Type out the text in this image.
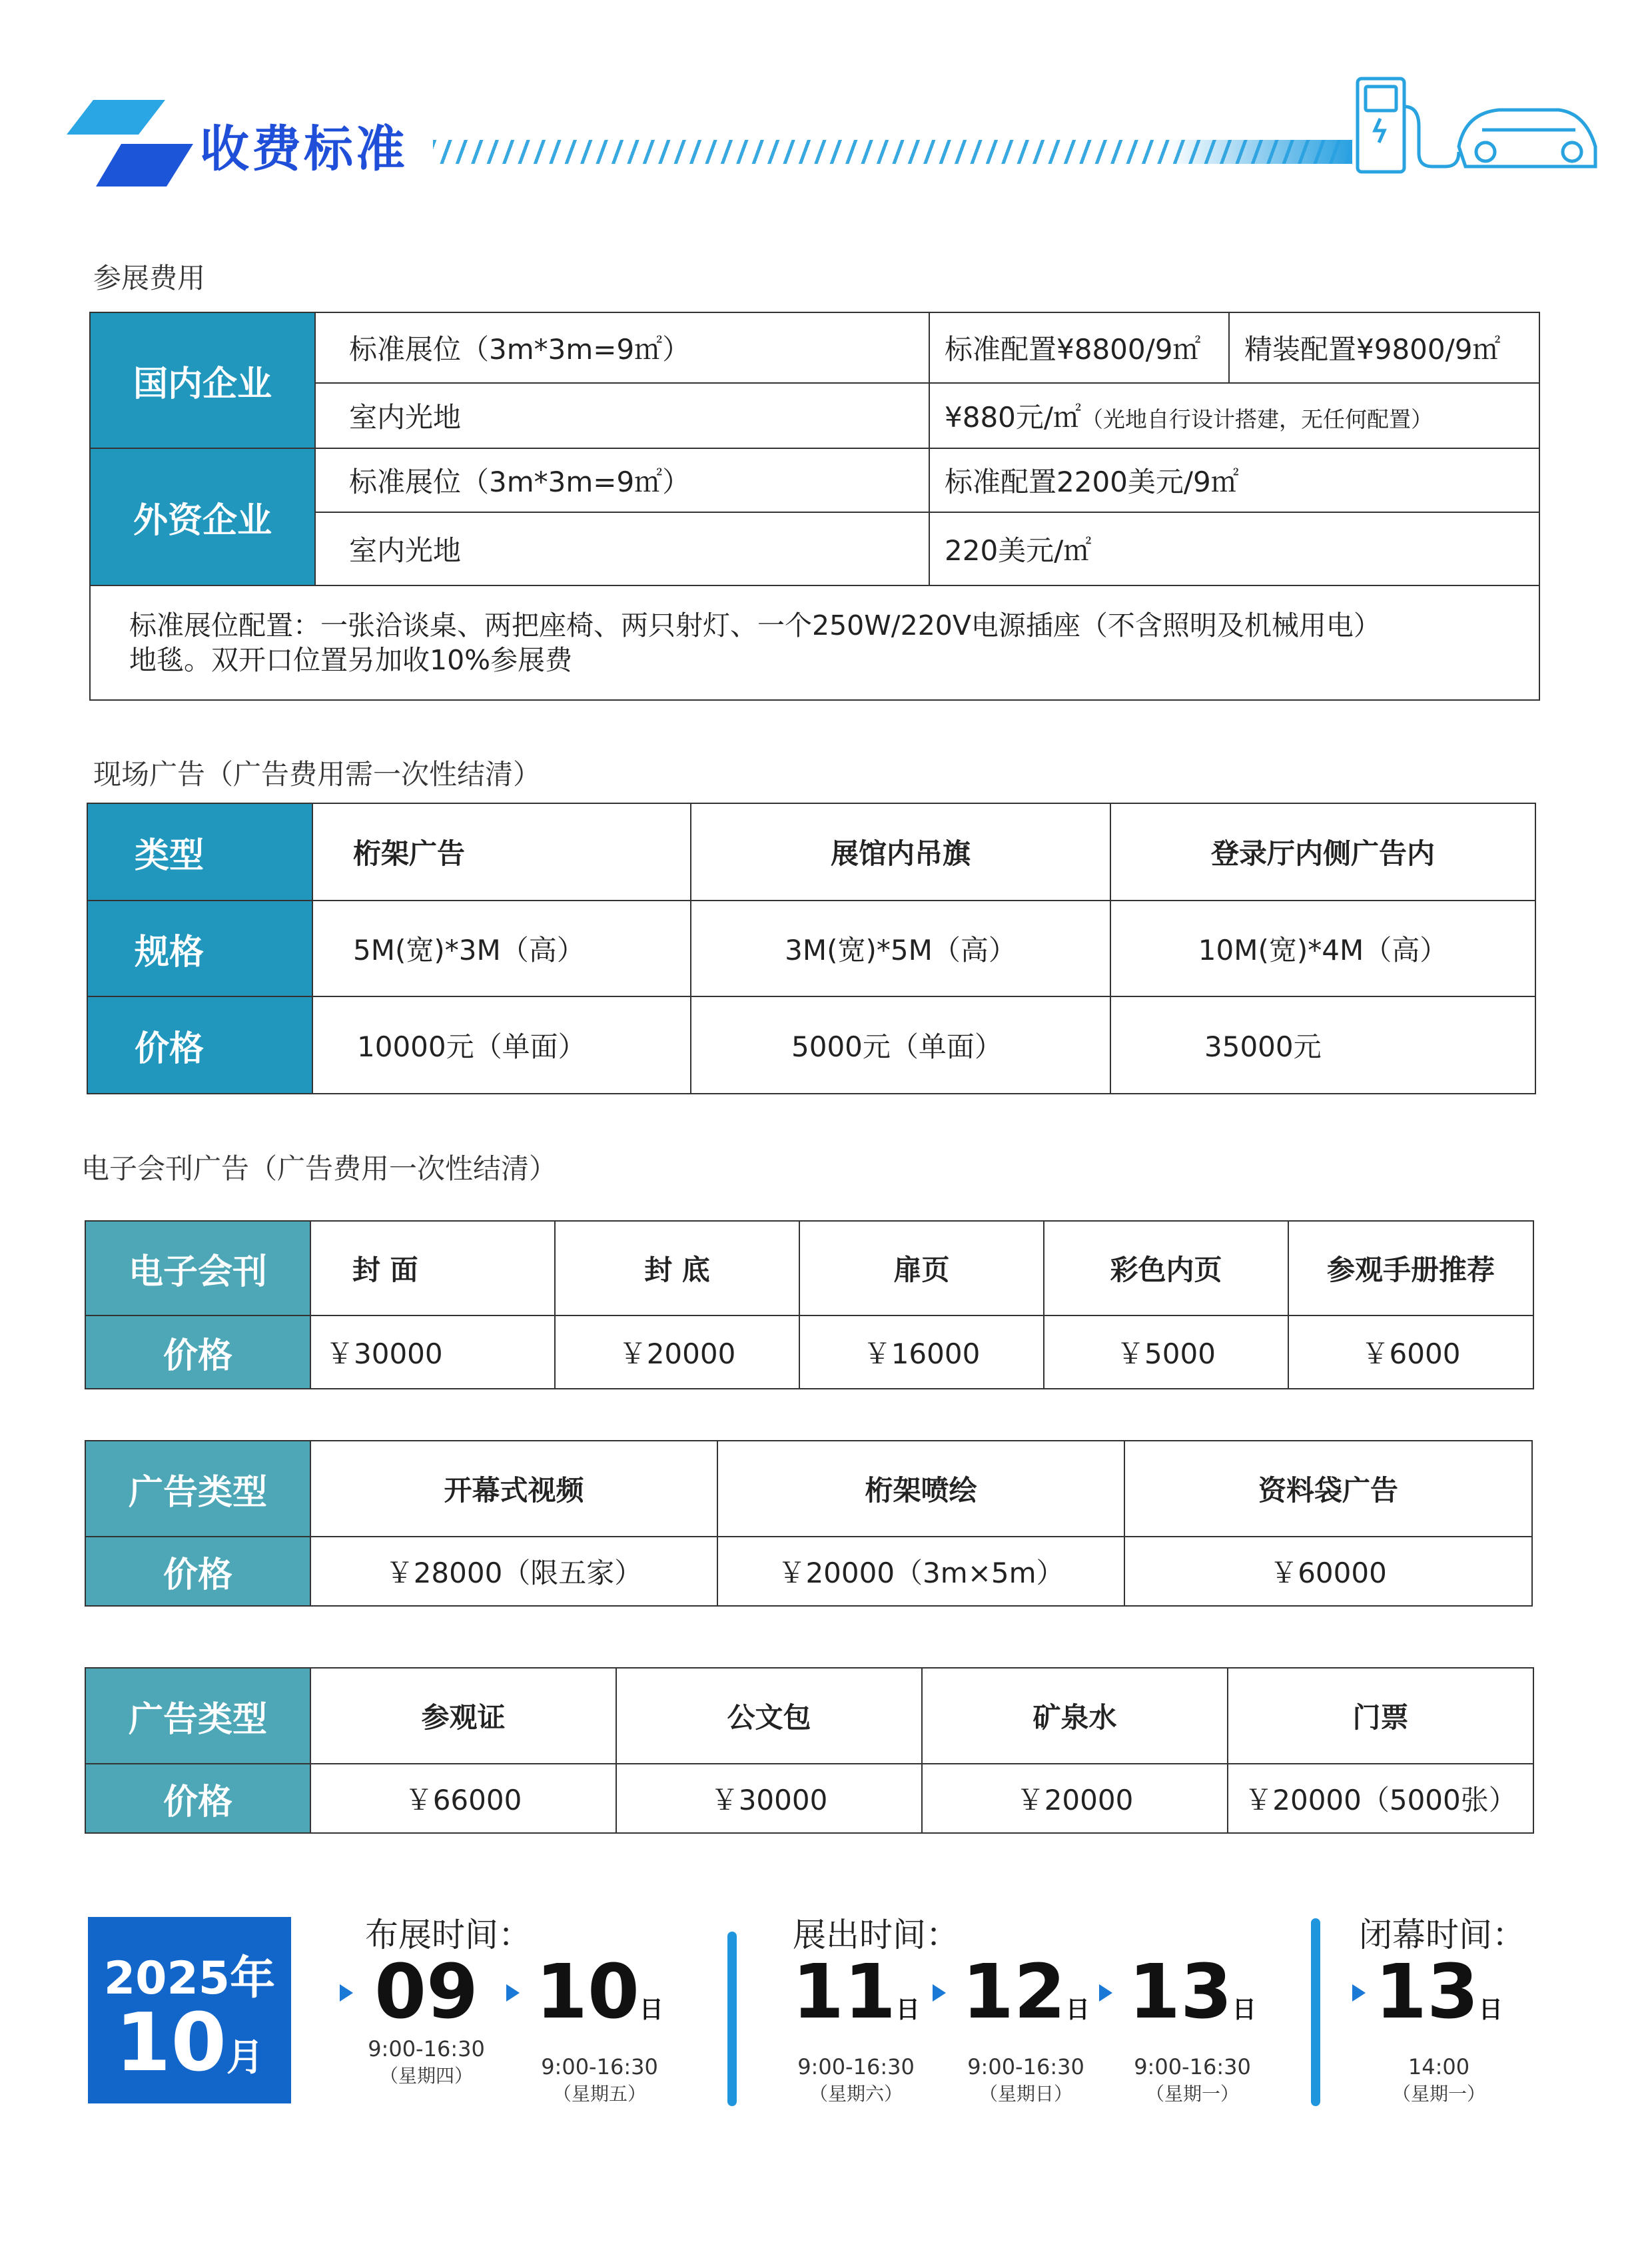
收费标准
参展费用
国内企业	标准展位（3m*3m=9㎡）	标准配置¥8800/9㎡	精装配置¥9800/9㎡
	室内光地	¥880元/㎡（光地自行设计搭建，无任何配置）	
外资企业	标准展位（3m*3m=9㎡）	标准配置2200美元/9㎡	
	室内光地	220美元/㎡	

标准展位配置：一张洽谈桌、两把座椅、两只射灯、一个250W/220V电源插座（不含照明及机械用电）
地毯。双开口位置另加收10%参展费			
现场广告（广告费用需一次性结清）
类型	桁架广告	展馆内吊旗	登录厅内侧广告内
规格	5M(宽)*3M（高）	3M(宽)*5M（高）	10M(宽)*4M（高）
价格	10000元（单面）	5000元（单面）	35000元
电子会刊广告（广告费用一次性结清）
电子会刊	封 面	封 底	扉页	彩色内页	参观手册推荐
价格	￥30000	￥20000	￥16000	￥5000	￥6000
广告类型	开幕式视频	桁架喷绘	资料袋广告
价格	￥28000（限五家）	￥20000（3m×5m）	￥60000
广告类型	参观证	公文包	矿泉水	门票
价格	￥66000	￥30000	￥20000	￥20000（5000张）
2025年
10月
布展时间：
09
9:00-16:30
（星期四）
10日
9:00-16:30
（星期五）
展出时间：
11日
9:00-16:30
（星期六）
12日
9:00-16:30
（星期日）
13日
9:00-16:30
（星期一）
闭幕时间：
13日
14:00
（星期一）
